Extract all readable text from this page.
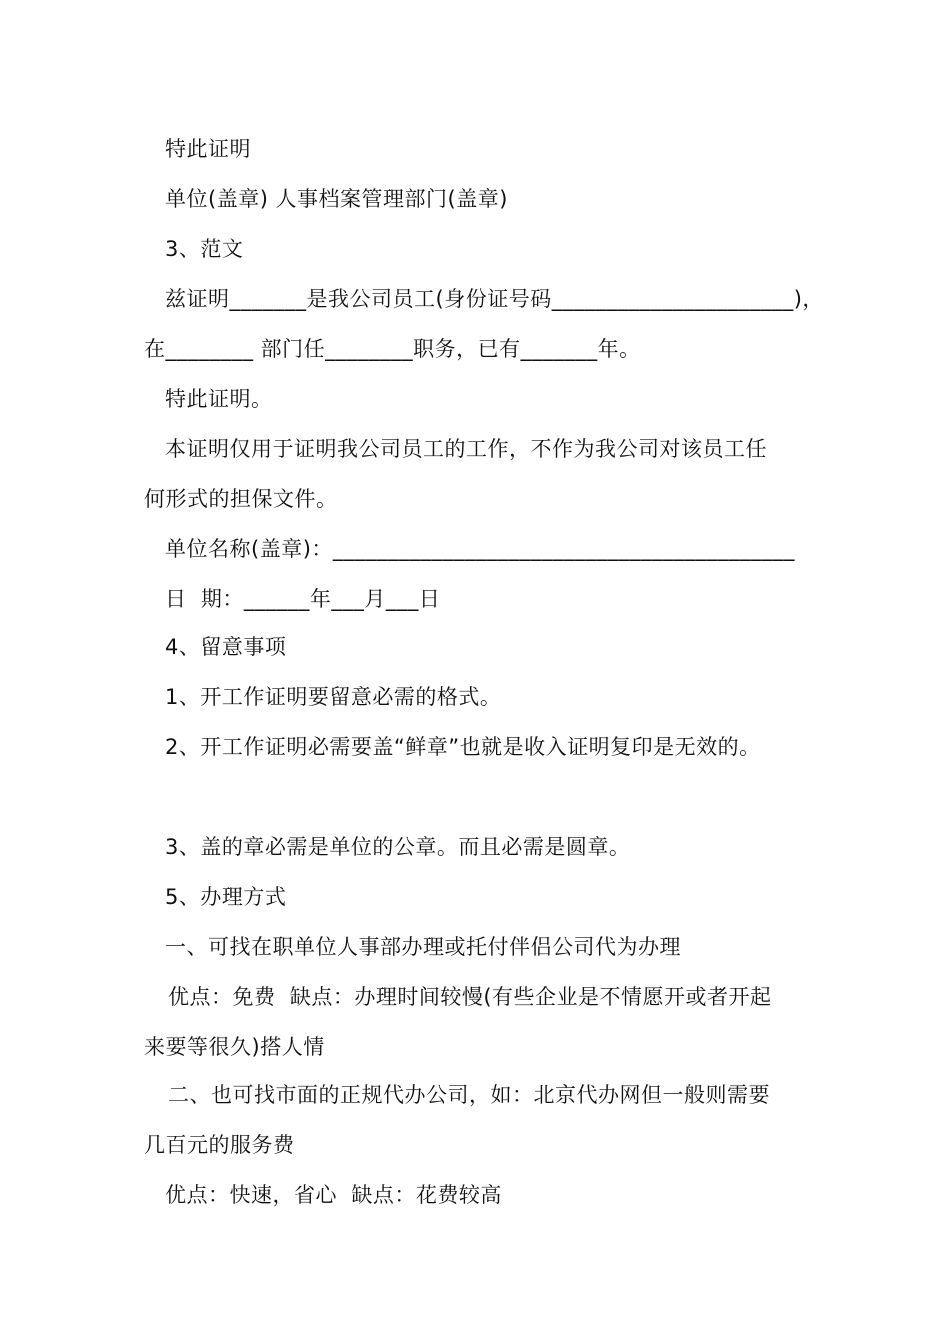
特此证明
单位(盖章) 人事档案管理部门(盖章)
3、范文
兹证明_______是我公司员工(身份证号码______________________)，
在________ 部门任________职务，已有_______年。
特此证明。
本证明仅用于证明我公司员工的工作，不作为我公司对该员工任
何形式的担保文件。
单位名称(盖章)：__________________________________________
日  期：______年___月___日
4、留意事项
1、开工作证明要留意必需的格式。
2、开工作证明必需要盖“鲜章”也就是收入证明复印是无效的。
3、盖的章必需是单位的公章。而且必需是圆章。
5、办理方式
一、可找在职单位人事部办理或托付伴侣公司代为办理
优点：免费  缺点：办理时间较慢(有些企业是不情愿开或者开起
来要等很久)搭人情
二、也可找市面的正规代办公司，如：北京代办网但一般则需要
几百元的服务费
优点：快速，省心  缺点：花费较高
